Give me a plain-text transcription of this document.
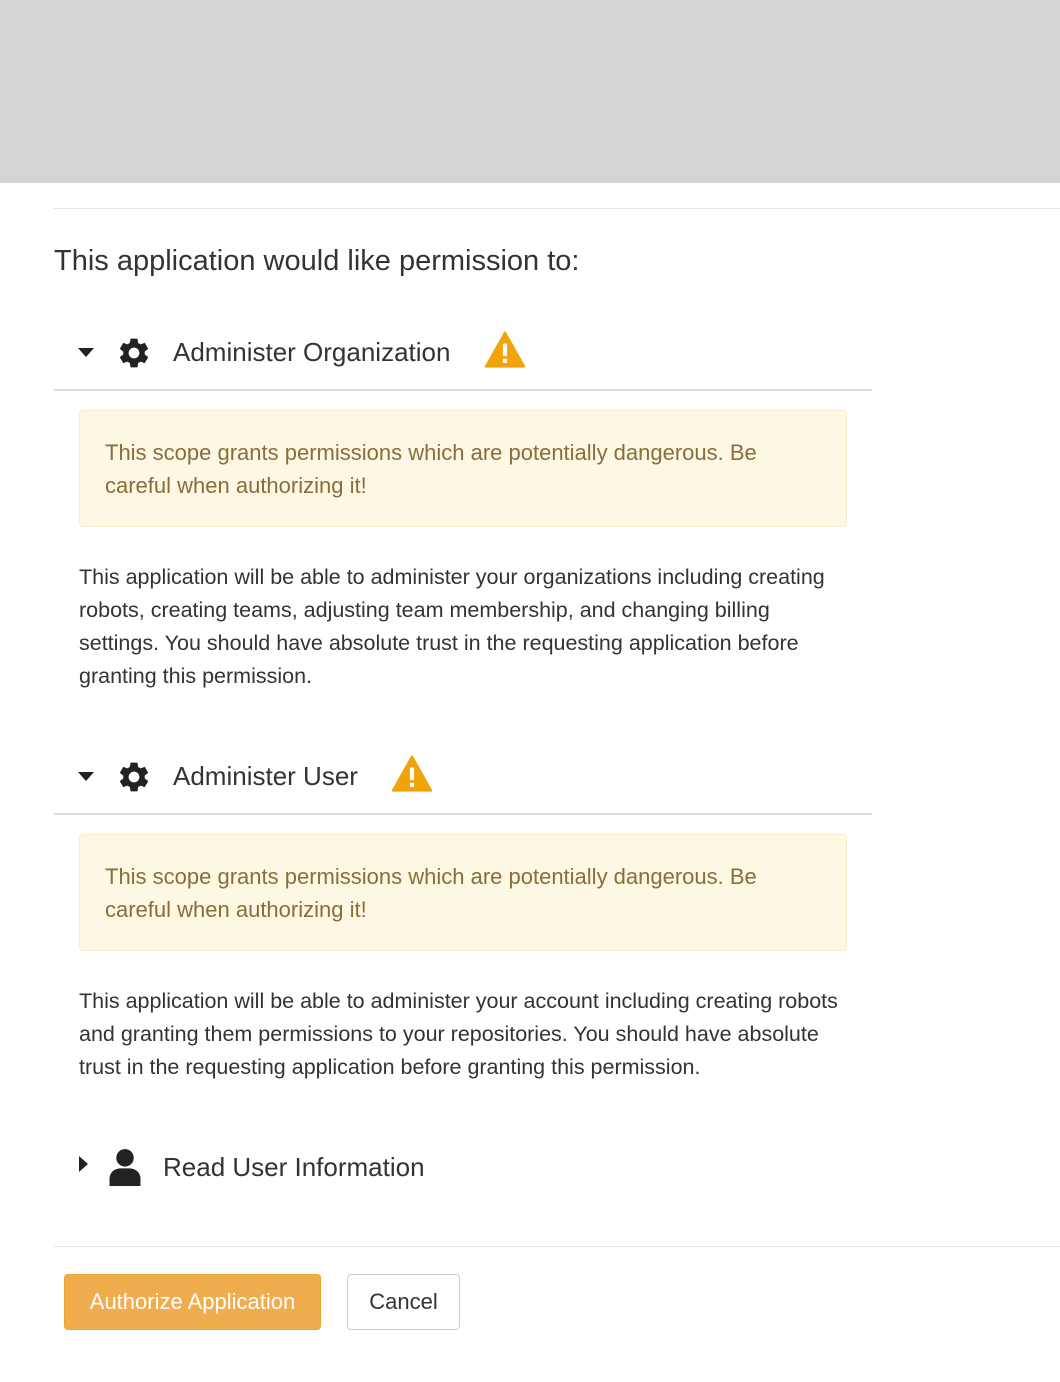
This application would like permission to:
Administer Organization
This scope grants permissions which are potentially dangerous. Be careful when authorizing it!
This application will be able to administer your organizations including creating robots, creating teams, adjusting team membership, and changing billing settings. You should have absolute trust in the requesting application before granting this permission.
Administer User
This scope grants permissions which are potentially dangerous. Be careful when authorizing it!
This application will be able to administer your account including creating robots and granting them permissions to your repositories. You should have absolute trust in the requesting application before granting this permission.
Read User Information
Authorize Application	Cancel
